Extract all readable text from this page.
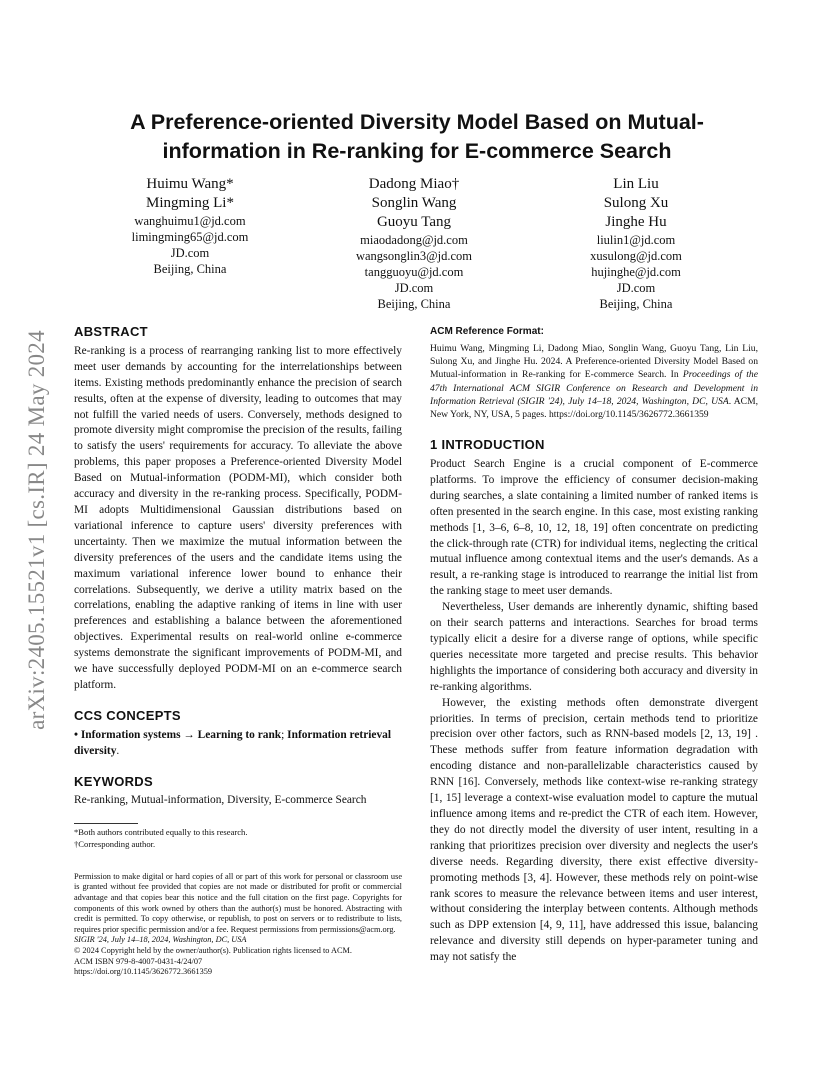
arXiv:2405.15521v1 [cs.IR] 24 May 2024
A Preference-oriented Diversity Model Based on Mutual-information in Re-ranking for E-commerce Search
Huimu Wang*
Mingming Li*
wanghuimu1@jd.com
limingming65@jd.com
JD.com
Beijing, China
Dadong Miao†
Songlin Wang
Guoyu Tang
miaodadong@jd.com
wangsonglin3@jd.com
tangguoyu@jd.com
JD.com
Beijing, China
Lin Liu
Sulong Xu
Jinghe Hu
liulin1@jd.com
xusulong@jd.com
hujinghe@jd.com
JD.com
Beijing, China
ABSTRACT

Re-ranking is a process of rearranging ranking list to more effectively meet user demands by accounting for the interrelationships between items. Existing methods predominantly enhance the precision of search results, often at the expense of diversity, leading to outcomes that may not fulfill the varied needs of users. Conversely, methods designed to promote diversity might compromise the precision of the results, failing to satisfy the users' requirements for accuracy. To alleviate the above problems, this paper proposes a Preference-oriented Diversity Model Based on Mutual-information (PODM-MI), which consider both accuracy and diversity in the re-ranking process. Specifically, PODM-MI adopts Multidimensional Gaussian distributions based on variational inference to capture users' diversity preferences with uncertainty. Then we maximize the mutual information between the diversity preferences of the users and the candidate items using the maximum variational inference lower bound to enhance their correlations. Subsequently, we derive a utility matrix based on the correlations, enabling the adaptive ranking of items in line with user preferences and establishing a balance between the aforementioned objectives. Experimental results on real-world online e-commerce systems demonstrate the significant improvements of PODM-MI, and we have successfully deployed PODM-MI on an e-commerce search platform.

CCS CONCEPTS

• Information systems → Learning to rank; Information retrieval diversity.

KEYWORDS

Re-ranking, Mutual-information, Diversity, E-commerce Search

*Both authors contributed equally to this research.
†Corresponding author.
Permission to make digital or hard copies of all or part of this work for personal or classroom use is granted without fee provided that copies are not made or distributed for profit or commercial advantage and that copies bear this notice and the full citation on the first page. Copyrights for components of this work owned by others than the author(s) must be honored. Abstracting with credit is permitted. To copy otherwise, or republish, to post on servers or to redistribute to lists, requires prior specific permission and/or a fee. Request permissions from permissions@acm.org.
SIGIR '24, July 14–18, 2024, Washington, DC, USA
© 2024 Copyright held by the owner/author(s). Publication rights licensed to ACM.
ACM ISBN 979-8-4007-0431-4/24/07
https://doi.org/10.1145/3626772.3661359
ACM Reference Format:

Huimu Wang, Mingming Li, Dadong Miao, Songlin Wang, Guoyu Tang, Lin Liu, Sulong Xu, and Jinghe Hu. 2024. A Preference-oriented Diversity Model Based on Mutual-information in Re-ranking for E-commerce Search. In Proceedings of the 47th International ACM SIGIR Conference on Research and Development in Information Retrieval (SIGIR '24), July 14–18, 2024, Washington, DC, USA. ACM, New York, NY, USA, 5 pages. https://doi.org/10.1145/3626772.3661359

1 INTRODUCTION

Product Search Engine is a crucial component of E-commerce platforms. To improve the efficiency of consumer decision-making during searches, a slate containing a limited number of ranked items is often presented in the search engine. In this case, most existing ranking methods [1, 3–6, 6–8, 10, 12, 18, 19] often concentrate on predicting the click-through rate (CTR) for individual items, neglecting the critical mutual influence among contextual items and the user's demands. As a result, a re-ranking stage is introduced to rearrange the initial list from the ranking stage to meet user demands.

Nevertheless, User demands are inherently dynamic, shifting based on their search patterns and interactions. Searches for broad terms typically elicit a desire for a diverse range of options, while specific queries necessitate more targeted and precise results. This behavior highlights the importance of considering both accuracy and diversity in re-ranking algorithms.

However, the existing methods often demonstrate divergent priorities. In terms of precision, certain methods tend to prioritize precision over other factors, such as RNN-based models [2, 13, 19] . These methods suffer from feature information degradation with encoding distance and non-parallelizable characteristics caused by RNN [16]. Conversely, methods like context-wise re-ranking strategy [1, 15] leverage a context-wise evaluation model to capture the mutual influence among items and re-predict the CTR of each item. However, they do not directly model the diversity of user intent, resulting in a ranking that prioritizes precision over diversity and neglects the user's diverse needs. Regarding diversity, there exist effective diversity-promoting methods [3, 4]. However, these methods rely on point-wise rank scores to measure the relevance between items and user interest, without considering the interplay between contents. Although methods such as DPP extension [4, 9, 11], have addressed this issue, balancing relevance and diversity still depends on hyper-parameter tuning and may not satisfy the
